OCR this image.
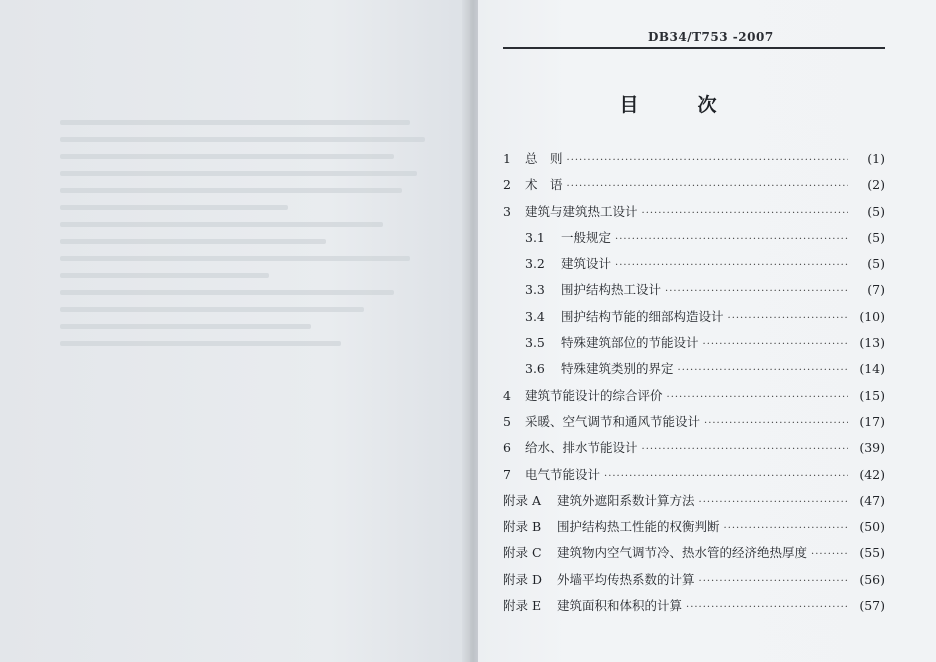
DB34/T753 -2007
目　次
1	总　则 ·····	(1)
2	术　语 ·····	(2)
3	建筑与建筑热工设计 ·····	(5)
3.1	一般规定 ·····	(5)
3.2	建筑设计 ·····	(5)
3.3	围护结构热工设计 ·····	(7)
3.4	围护结构节能的细部构造设计 ·····	(10)
3.5	特殊建筑部位的节能设计 ·····	(13)
3.6	特殊建筑类别的界定 ·····	(14)
4	建筑节能设计的综合评价 ·····	(15)
5	采暖、空气调节和通风节能设计 ·····	(17)
6	给水、排水节能设计 ·····	(39)
7	电气节能设计 ·····	(42)
附录 A	建筑外遮阳系数计算方法 ·····	(47)
附录 B	围护结构热工性能的权衡判断 ·····	(50)
附录 C	建筑物内空气调节冷、热水管的经济绝热厚度 ·····	(55)
附录 D	外墙平均传热系数的计算 ·····	(56)
附录 E	建筑面积和体积的计算 ·····	(57)
